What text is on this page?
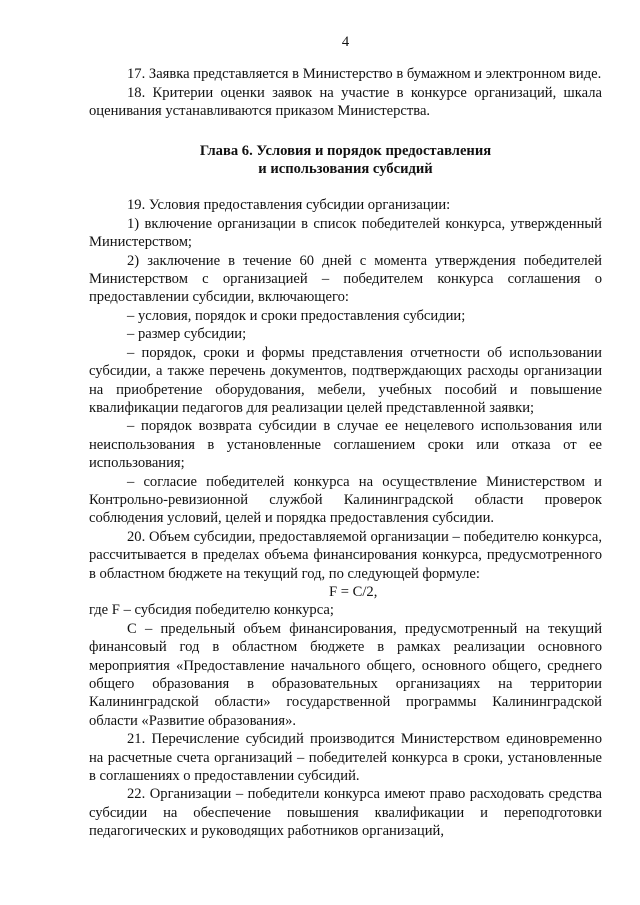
4

17. Заявка представляется в Министерство в бумажном и электронном виде.

18. Критерии оценки заявок на участие в конкурсе организаций, шкала оценивания устанавливаются приказом Министерства.

Глава 6. Условия и порядок предоставления
и использования субсидий

19. Условия предоставления субсидии организации:

1) включение организации в список победителей конкурса, утвержденный Министерством;

2) заключение в течение 60 дней с момента утверждения победителей Министерством с организацией – победителем конкурса соглашения о предоставлении субсидии, включающего:

– условия, порядок и сроки предоставления субсидии;

– размер субсидии;

– порядок, сроки и формы представления отчетности об использовании субсидии, а также перечень документов, подтверждающих расходы организации на приобретение оборудования, мебели, учебных пособий и повышение квалификации педагогов для реализации целей представленной заявки;

– порядок возврата субсидии в случае ее нецелевого использования или неиспользования в установленные соглашением сроки или отказа от ее использования;

– согласие победителей конкурса на осуществление Министерством и Контрольно-ревизионной службой Калининградской области проверок соблюдения условий, целей и порядка предоставления субсидии.

20. Объем субсидии, предоставляемой организации – победителю конкурса, рассчитывается в пределах объема финансирования конкурса, предусмотренного в областном бюджете на текущий год, по следующей формуле:

F = C/2,

где F – субсидия победителю конкурса;

С – предельный объем финансирования, предусмотренный на текущий финансовый год в областном бюджете в рамках реализации основного мероприятия «Предоставление начального общего, основного общего, среднего общего образования в образовательных организациях на территории Калининградской области» государственной программы Калининградской области «Развитие образования».

21. Перечисление субсидий производится Министерством единовременно на расчетные счета организаций – победителей конкурса в сроки, установленные в соглашениях о предоставлении субсидий.

22. Организации – победители конкурса имеют право расходовать средства субсидии на обеспечение повышения квалификации и переподготовки педагогических и руководящих работников организаций,
